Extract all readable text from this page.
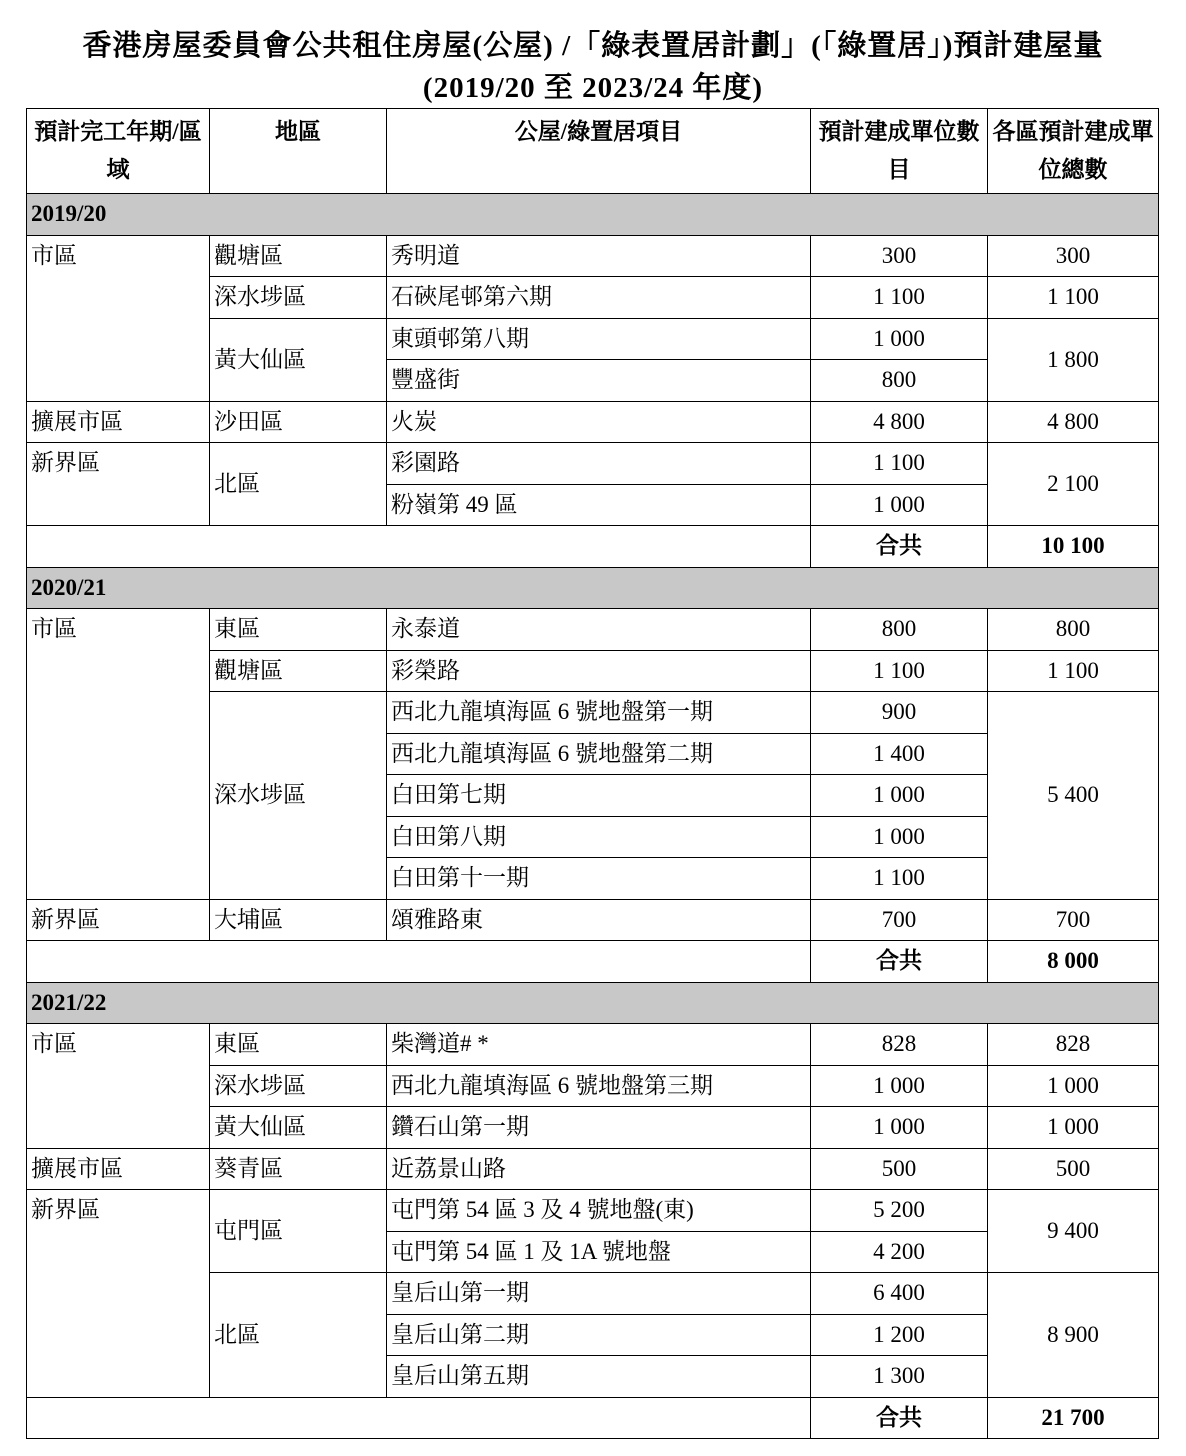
香港房屋委員會公共租住房屋(公屋) /「綠表置居計劃」(「綠置居」)預計建屋量
(2019/20 至 2023/24 年度)
預計完工年期/區域	地區	公屋/綠置居項目	預計建成單位數目	各區預計建成單位總數
2019/20				
市區	觀塘區	秀明道	300	300
	深水埗區	石硤尾邨第六期	1 100	1 100
	黃大仙區	東頭邨第八期	1 000	1 800
		豐盛街	800	
擴展市區	沙田區	火炭	4 800	4 800
新界區	北區	彩園路	1 100	2 100
		粉嶺第 49 區	1 000	
			合共	10 100
2020/21				
市區	東區	永泰道	800	800
	觀塘區	彩榮路	1 100	1 100
	深水埗區	西北九龍填海區 6 號地盤第一期	900	5 400
		西北九龍填海區 6 號地盤第二期	1 400	
		白田第七期	1 000	
		白田第八期	1 000	
		白田第十一期	1 100	
新界區	大埔區	頌雅路東	700	700
			合共	8 000
2021/22				
市區	東區	柴灣道# *	828	828
	深水埗區	西北九龍填海區 6 號地盤第三期	1 000	1 000
	黃大仙區	鑽石山第一期	1 000	1 000
擴展市區	葵青區	近荔景山路	500	500
新界區	屯門區	屯門第 54 區 3 及 4 號地盤(東)	5 200	9 400
		屯門第 54 區 1 及 1A 號地盤	4 200	
	北區	皇后山第一期	6 400	8 900
		皇后山第二期	1 200	
		皇后山第五期	1 300	
			合共	21 700
